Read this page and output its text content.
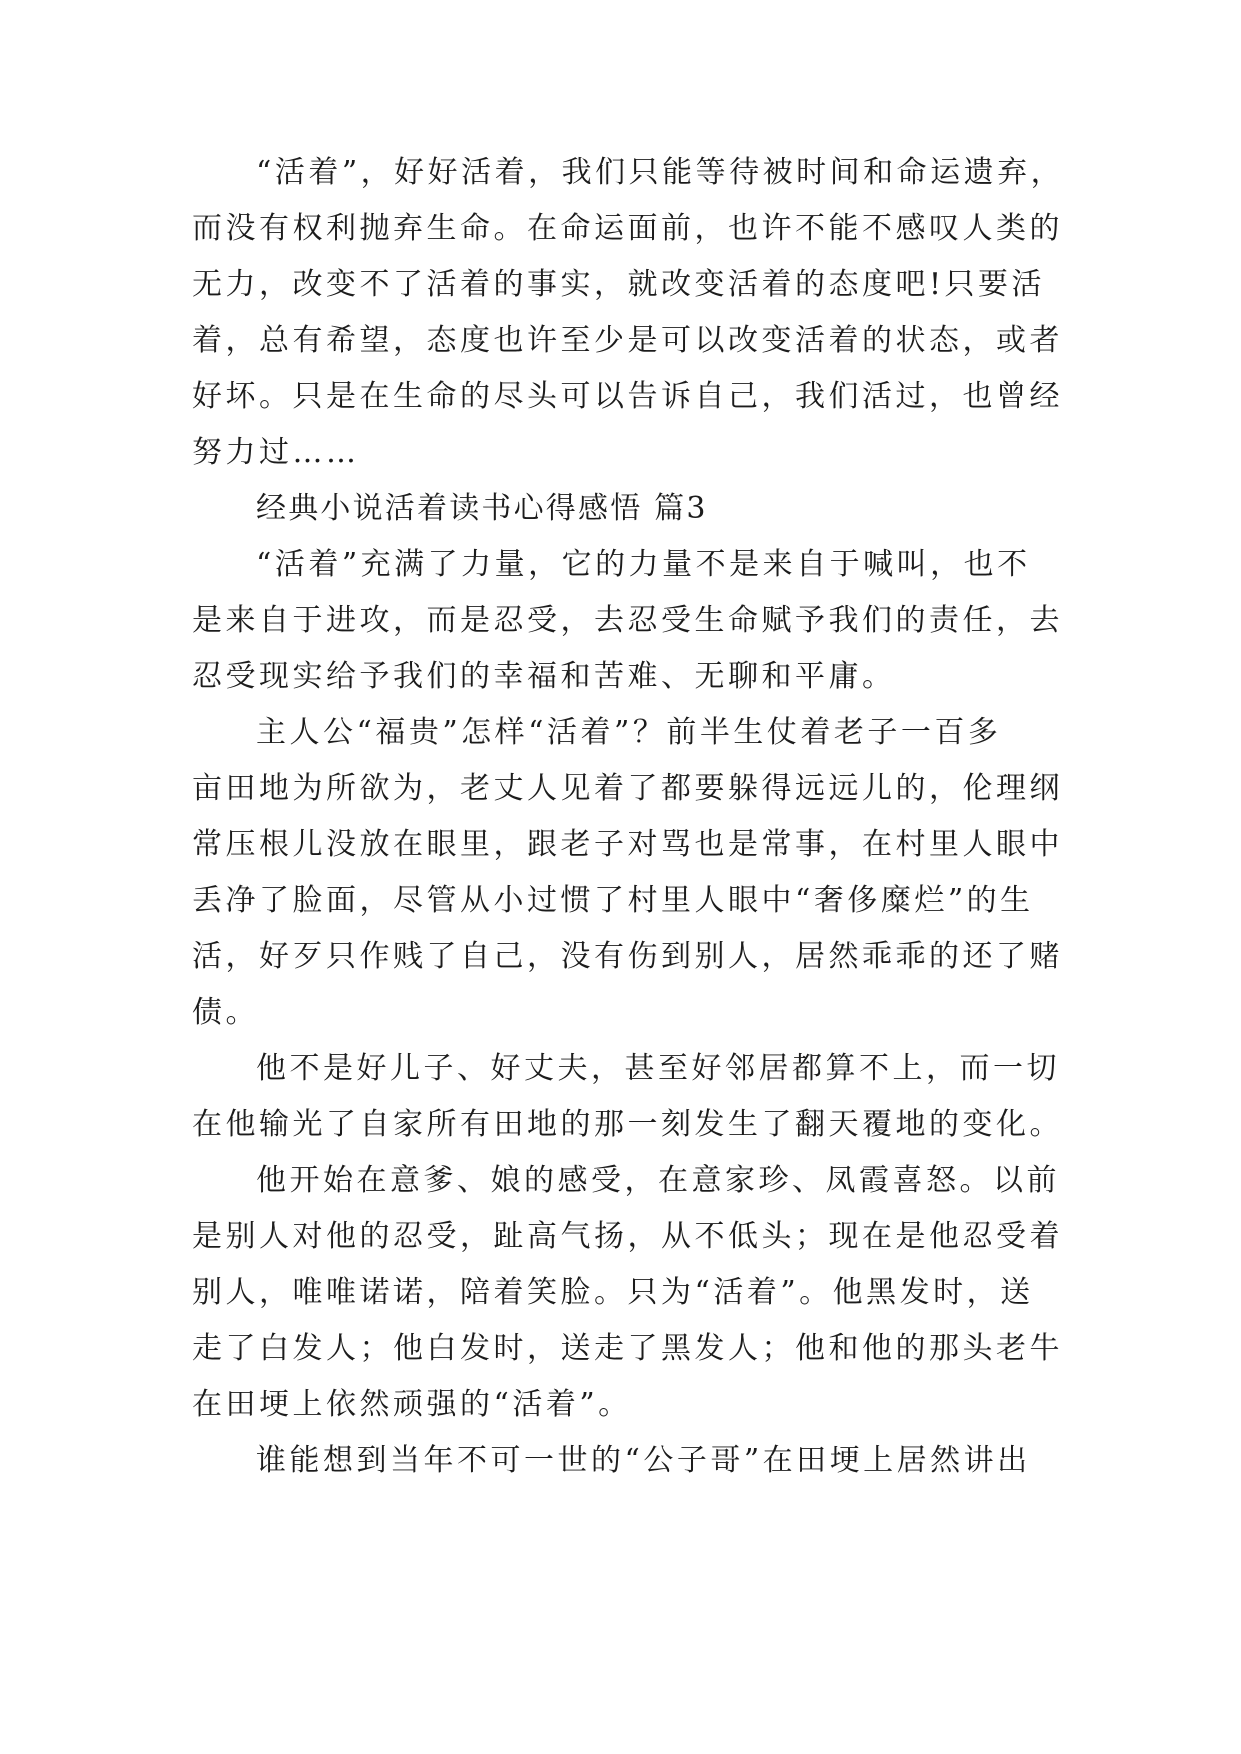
“活着”，好好活着，我们只能等待被时间和命运遗弃，
而没有权利抛弃生命。在命运面前，也许不能不感叹人类的
无力，改变不了活着的事实，就改变活着的态度吧!只要活
着，总有希望，态度也许至少是可以改变活着的状态，或者
好坏。只是在生命的尽头可以告诉自己，我们活过，也曾经
努力过……
经典小说活着读书心得感悟 篇3
“活着”充满了力量，它的力量不是来自于喊叫，也不
是来自于进攻，而是忍受，去忍受生命赋予我们的责任，去
忍受现实给予我们的幸福和苦难、无聊和平庸。
主人公“福贵”怎样“活着”？前半生仗着老子一百多
亩田地为所欲为，老丈人见着了都要躲得远远儿的，伦理纲
常压根儿没放在眼里，跟老子对骂也是常事，在村里人眼中
丢净了脸面，尽管从小过惯了村里人眼中“奢侈糜烂”的生
活，好歹只作贱了自己，没有伤到别人，居然乖乖的还了赌
债。
他不是好儿子、好丈夫，甚至好邻居都算不上，而一切
在他输光了自家所有田地的那一刻发生了翻天覆地的变化。
他开始在意爹、娘的感受，在意家珍、凤霞喜怒。以前
是别人对他的忍受，趾高气扬，从不低头；现在是他忍受着
别人，唯唯诺诺，陪着笑脸。只为“活着”。他黑发时，送
走了白发人；他白发时，送走了黑发人；他和他的那头老牛
在田埂上依然顽强的“活着”。
谁能想到当年不可一世的“公子哥”在田埂上居然讲出
